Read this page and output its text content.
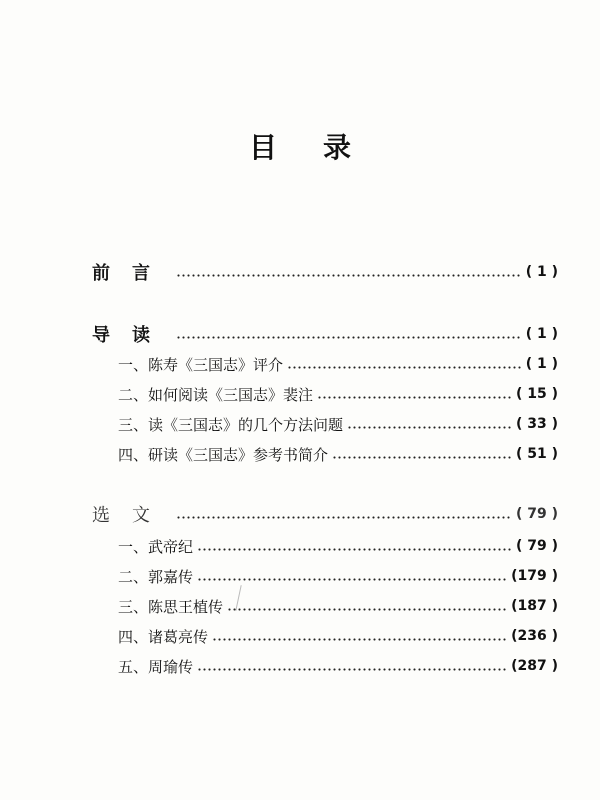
目录
前言	( 1 )
导读	( 1 )
一、陈寿《三国志》评介	( 1 )
二、如何阅读《三国志》裴注	( 15 )
三、读《三国志》的几个方法问题	( 33 )
四、研读《三国志》参考书简介	( 51 )
选文	( 79 )
一、武帝纪	( 79 )
二、郭嘉传	(179 )
三、陈思王植传	(187 )
四、诸葛亮传	(236 )
五、周瑜传	(287 )
